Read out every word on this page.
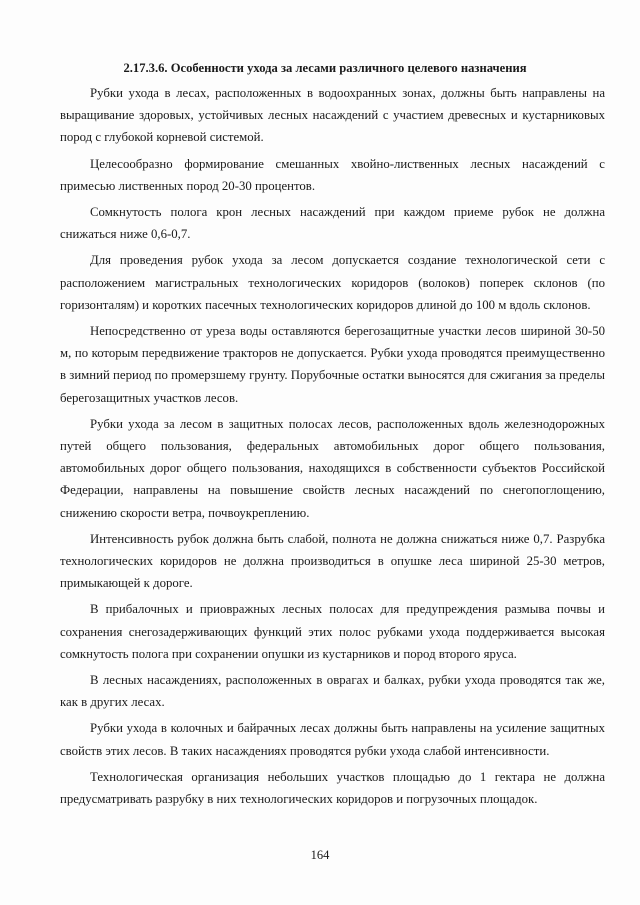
2.17.3.6. Особенности ухода за лесами различного целевого назначения

Рубки ухода в лесах, расположенных в водоохранных зонах, должны быть направлены на выращивание здоровых, устойчивых лесных насаждений с участием древесных и кустарниковых пород с глубокой корневой системой.

Целесообразно формирование смешанных хвойно-лиственных лесных насаждений с примесью лиственных пород 20-30 процентов.

Сомкнутость полога крон лесных насаждений при каждом приеме рубок не должна снижаться ниже 0,6-0,7.

Для проведения рубок ухода за лесом допускается создание технологической сети с расположением магистральных технологических коридоров (волоков) поперек склонов (по горизонталям) и коротких пасечных технологических коридоров длиной до 100 м вдоль склонов.

Непосредственно от уреза воды оставляются берегозащитные участки лесов шириной 30-50 м, по которым передвижение тракторов не допускается. Рубки ухода проводятся преимущественно в зимний период по промерзшему грунту. Порубочные остатки выносятся для сжигания за пределы берегозащитных участков лесов.

Рубки ухода за лесом в защитных полосах лесов, расположенных вдоль железнодорожных путей общего пользования, федеральных автомобильных дорог общего пользования, автомобильных дорог общего пользования, находящихся в собственности субъектов Российской Федерации, направлены на повышение свойств лесных насаждений по снегопоглощению, снижению скорости ветра, почвоукреплению.

Интенсивность рубок должна быть слабой, полнота не должна снижаться ниже 0,7. Разрубка технологических коридоров не должна производиться в опушке леса шириной 25-30 метров, примыкающей к дороге.

В прибалочных и приовражных лесных полосах для предупреждения размыва почвы и сохранения снегозадерживающих функций этих полос рубками ухода поддерживается высокая сомкнутость полога при сохранении опушки из кустарников и пород второго яруса.

В лесных насаждениях, расположенных в оврагах и балках, рубки ухода проводятся так же, как в других лесах.

Рубки ухода в колочных и байрачных лесах должны быть направлены на усиление защитных свойств этих лесов. В таких насаждениях проводятся рубки ухода слабой интенсивности.

Технологическая организация небольших участков площадью до 1 гектара не должна предусматривать разрубку в них технологических коридоров и погрузочных площадок.

164
